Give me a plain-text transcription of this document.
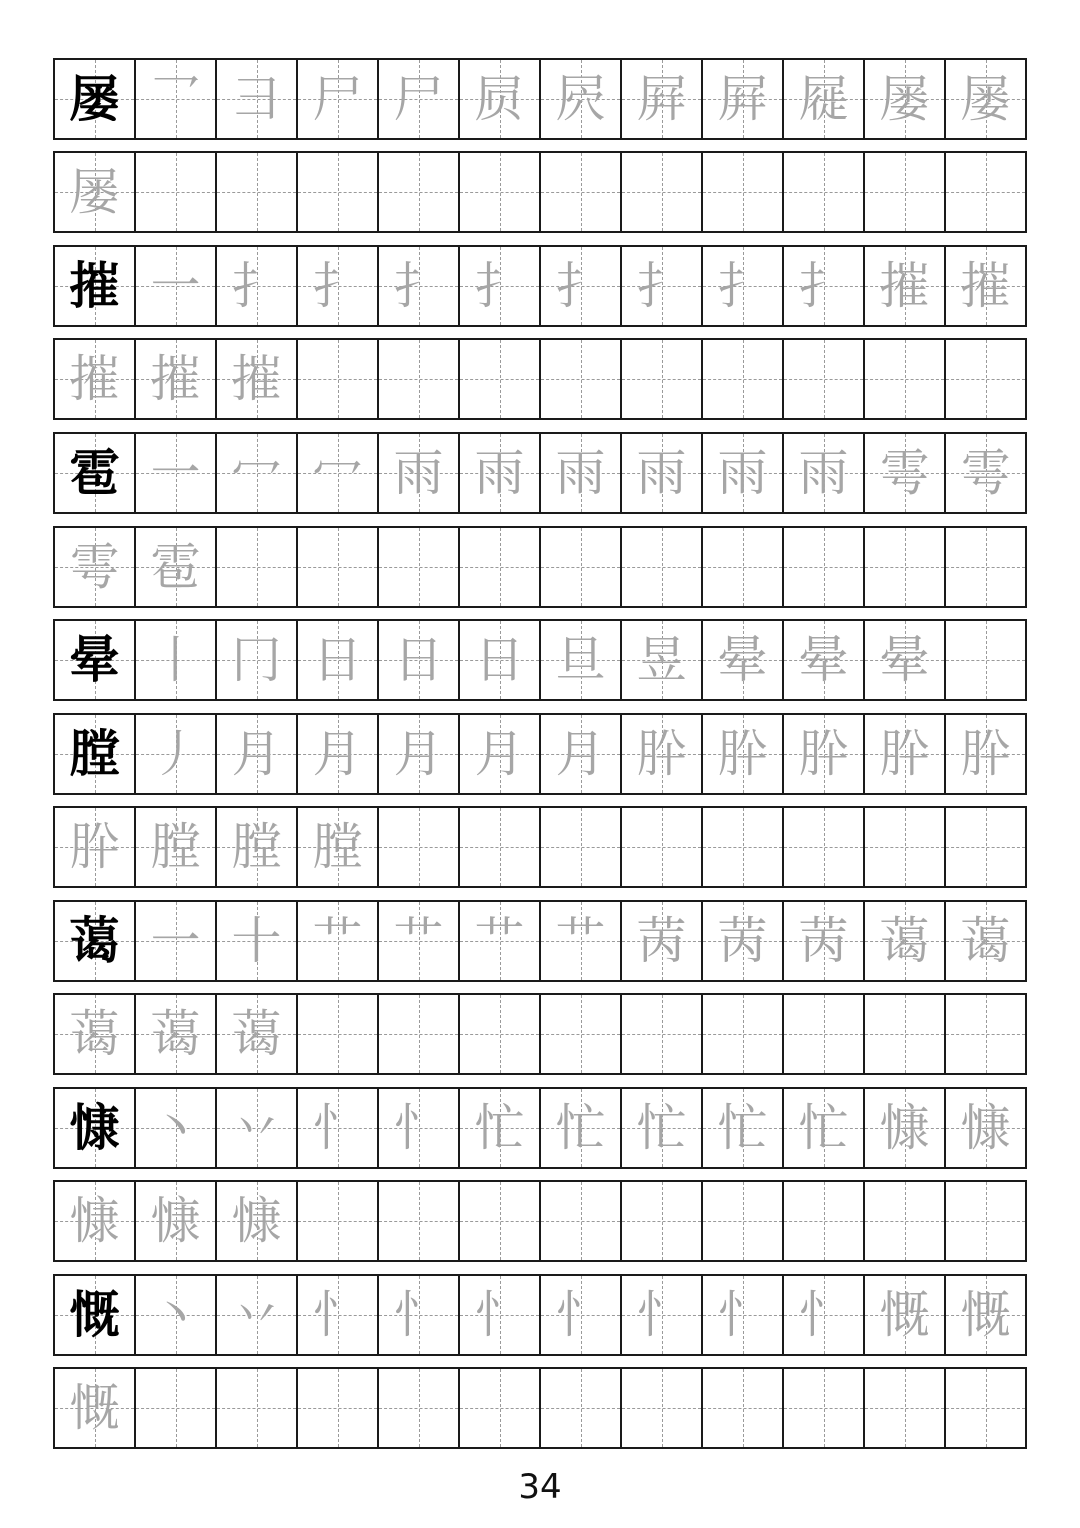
屡 乛 ⺕ 尸 尸 屃 屄 屛 屛 屣 屡 屡
屡
摧 一 扌 扌 扌 扌 扌 扌 扌 扌 摧 摧
摧 摧 摧
雹 一 冖 冖 雨 雨 雨 雨 雨 雨 雩 雩
雩 雹
晕 丨 冂 日 日 日 旦 昱 晕 晕 晕
膛 丿 月 月 月 月 月 肸 肸 肸 肸 肸
肸 膛 膛 膛
蔼 一 十 艹 艹 艹 艹 苪 苪 苪 蔼 蔼
蔼 蔼 蔼
慷 丶 丷 忄 忄 忙 忙 忙 忙 忙 慷 慷
慷 慷 慷
慨 丶 丷 忄 忄 忄 忄 忄 忄 忄 慨 慨
慨
34
